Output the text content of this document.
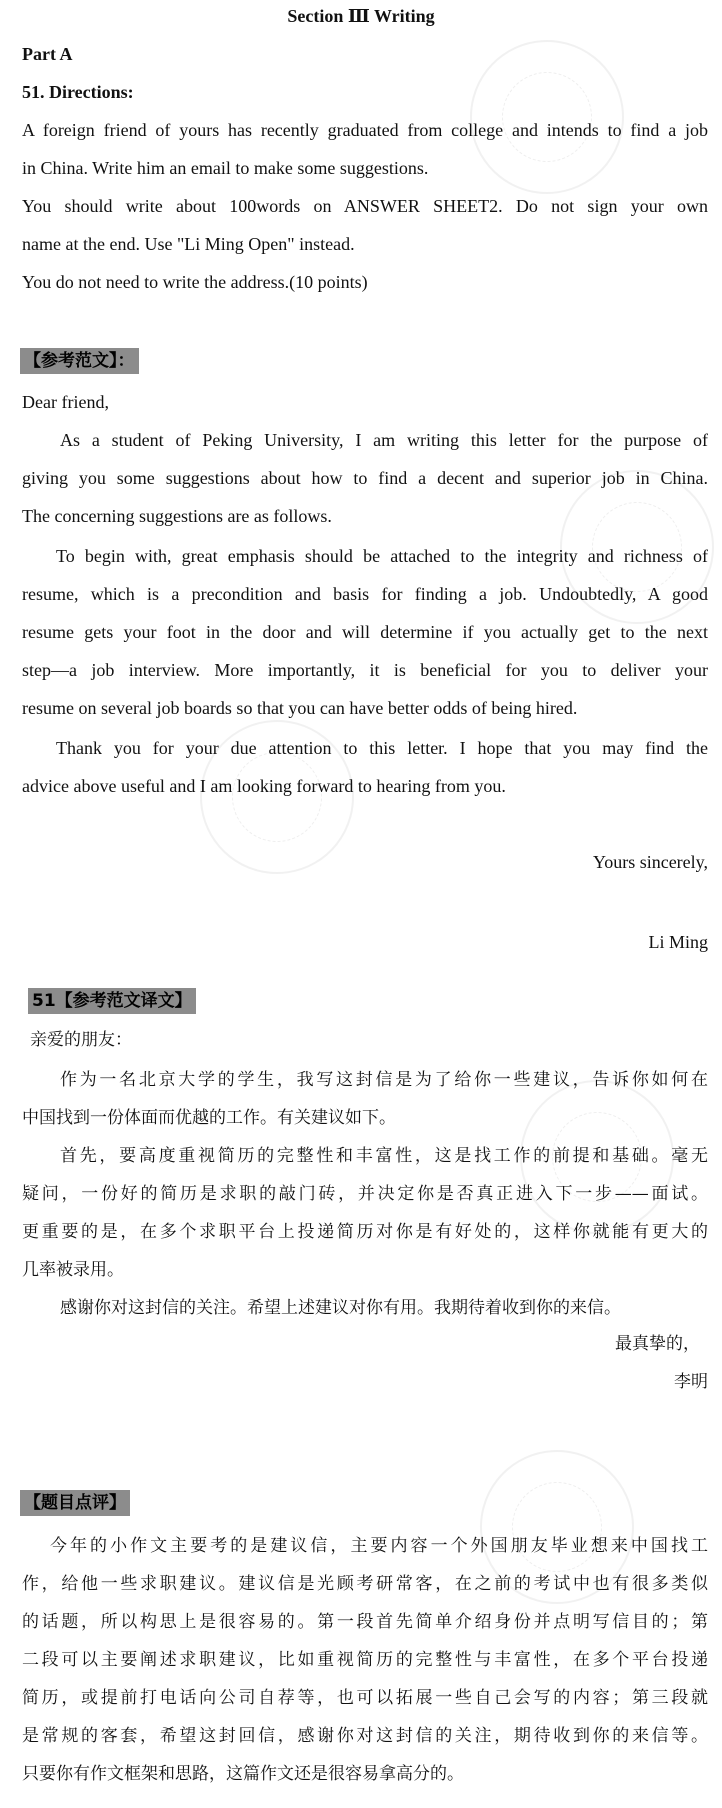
Section Ⅲ Writing
Part A
51. Directions:
A foreign friend of yours has recently graduated from college and intends to find a job
in China. Write him an email to make some suggestions.
You should write about 100words on ANSWER SHEET2. Do not sign your own
name at the end. Use "Li Ming Open" instead.
You do not need to write the address.(10 points)
【参考范文】：
Dear friend,
As a student of Peking University, I am writing this letter for the purpose of
giving you some suggestions about how to find a decent and superior job in China.
The concerning suggestions are as follows.
To begin with, great emphasis should be attached to the integrity and richness of
resume, which is a precondition and basis for finding a job. Undoubtedly, A good
resume gets your foot in the door and will determine if you actually get to the next
step—a job interview. More importantly, it is beneficial for you to deliver your
resume on several job boards so that you can have better odds of being hired.
Thank you for your due attention to this letter. I hope that you may find the
advice above useful and I am looking forward to hearing from you.
Yours sincerely,
Li Ming
51【参考范文译文】
亲爱的朋友：
作为一名北京大学的学生，我写这封信是为了给你一些建议，告诉你如何在
中国找到一份体面而优越的工作。有关建议如下。
首先，要高度重视简历的完整性和丰富性，这是找工作的前提和基础。毫无
疑问，一份好的简历是求职的敲门砖，并决定你是否真正进入下一步——面试。
更重要的是，在多个求职平台上投递简历对你是有好处的，这样你就能有更大的
几率被录用。
感谢你对这封信的关注。希望上述建议对你有用。我期待着收到你的来信。
最真挚的，
李明
【题目点评】
今年的小作文主要考的是建议信，主要内容一个外国朋友毕业想来中国找工
作，给他一些求职建议。建议信是光顾考研常客，在之前的考试中也有很多类似
的话题，所以构思上是很容易的。第一段首先简单介绍身份并点明写信目的；第
二段可以主要阐述求职建议，比如重视简历的完整性与丰富性，在多个平台投递
简历，或提前打电话向公司自荐等，也可以拓展一些自己会写的内容；第三段就
是常规的客套，希望这封回信，感谢你对这封信的关注，期待收到你的来信等。
只要你有作文框架和思路，这篇作文还是很容易拿高分的。
